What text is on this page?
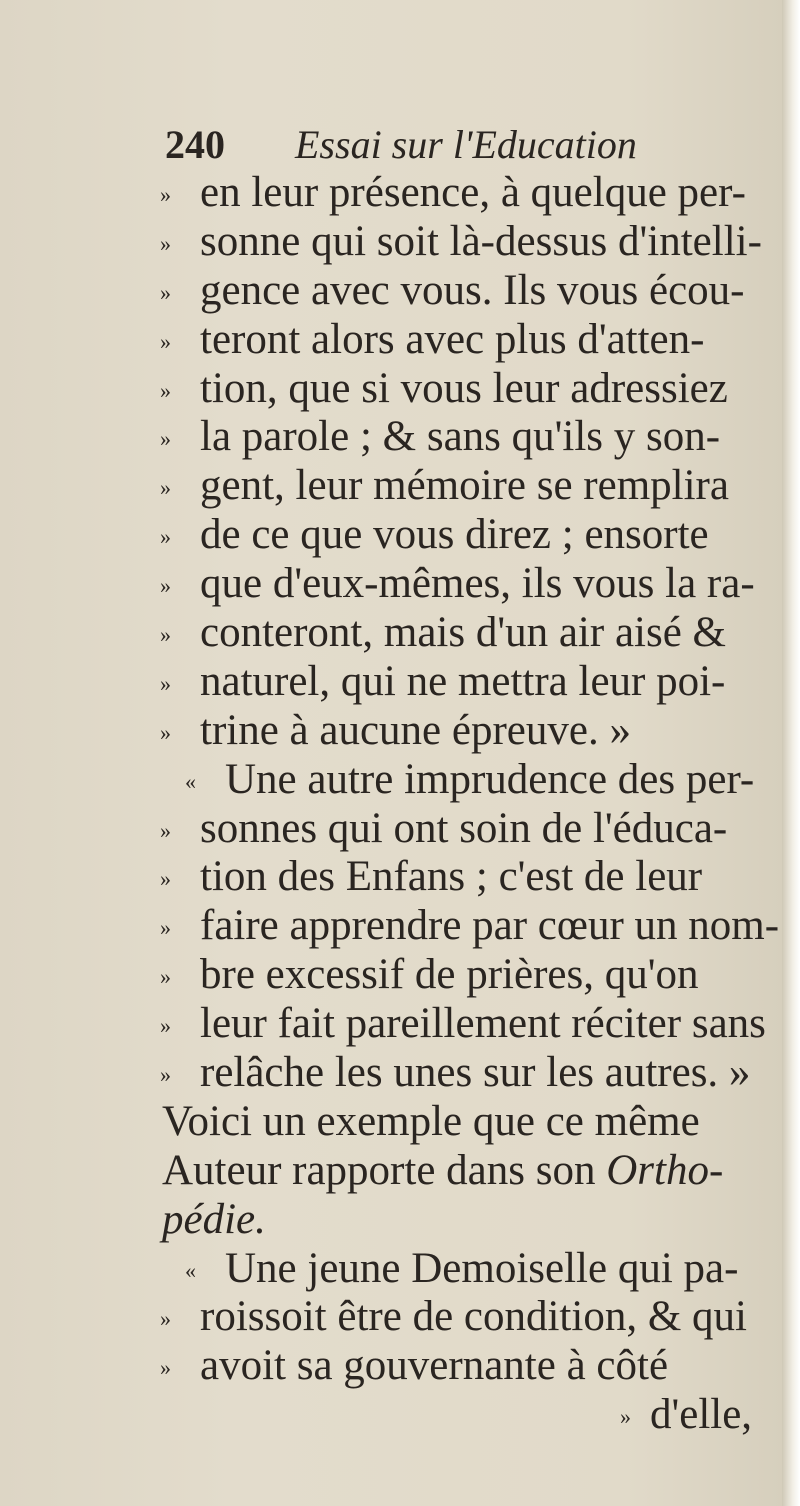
240 Essai sur l'Education
» en leur présence, à quelque per-
» sonne qui soit là-dessus d'intelli-
» gence avec vous. Ils vous écou-
» teront alors avec plus d'atten-
» tion, que si vous leur adressiez
» la parole ; & sans qu'ils y son-
» gent, leur mémoire se remplira
» de ce que vous direz ; ensorte
» que d'eux-mêmes, ils vous la ra-
» conteront, mais d'un air aisé &
» naturel, qui ne mettra leur poi-
» trine à aucune épreuve. »
« Une autre imprudence des per-
» sonnes qui ont soin de l'éduca-
» tion des Enfans ; c'est de leur
» faire apprendre par cœur un nom-
» bre excessif de prières, qu'on
» leur fait pareillement réciter sans
» relâche les unes sur les autres. »
Voici un exemple que ce même
Auteur rapporte dans son Ortho-
pédie.
« Une jeune Demoiselle qui pa-
» roissoit être de condition, & qui
» avoit sa gouvernante à côté
» d'elle,
